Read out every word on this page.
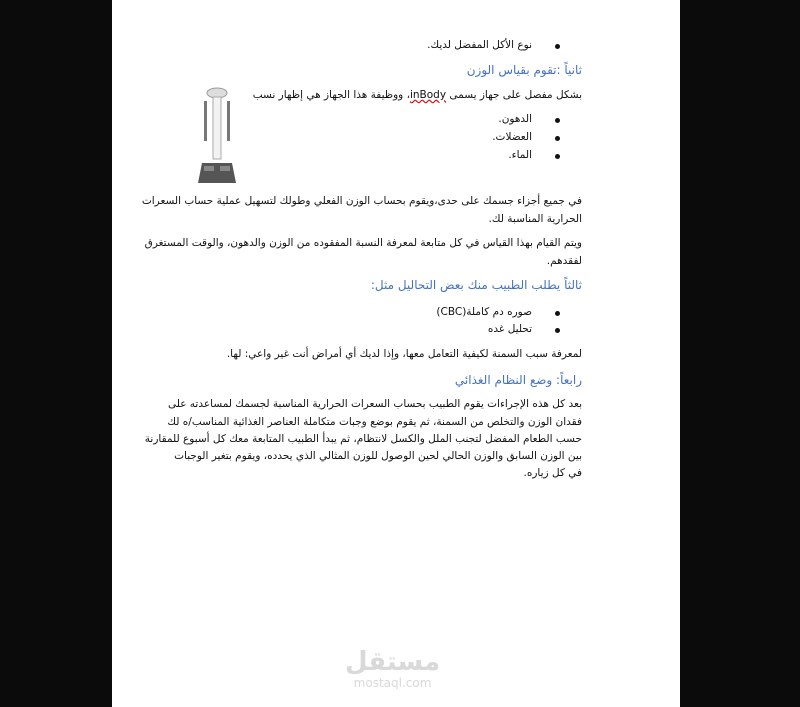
نوع الأكل المفضل لديك.
ثانياً :تقوم بقياس الوزن
بشكل مفصل على جهاز يسمى inBody، ووظيفة هذا الجهاز هي إظهار نسب
الدهون.
العضلات.
الماء.
في جميع أجزاء جسمك على حدى،ويقوم بحساب الوزن الفعلي وطولك لتسهيل عملية حساب السعرات
الحرارية المناسبة لك.
ويتم القيام بهذا القياس في كل متابعة لمعرفة النسبة المفقوده من الوزن والدهون، والوقت المستغرق
لفقدهم.
ثالثاً يطلب الطبيب منك بعض التحاليل مثل:
صوره دم كاملة(CBC)
تحليل غده
لمعرفة سبب السمنة لكيفية التعامل معها، وإذا لديك أي أمراض أنت غير واعي: لها.
رابعاً: وضع النظام الغذائي
بعد كل هذه الإجراءات يقوم الطبيب بحساب السعرات الحرارية المناسبة لجسمك لمساعدته على
فقدان الوزن والتخلص من السمنة، ثم يقوم بوضع وجبات متكاملة العناصر الغذائية المناسب/ه لك
حسب الطعام المفضل لتجنب الملل والكسل لانتظام، ثم يبدأ الطبيب المتابعة معك كل أسبوع للمقارنة
بين الوزن السابق والوزن الحالي لحين الوصول للوزن المثالي الذي يحدده، ويقوم بتغير الوجبات
في كل زياره.
مستقل
mostaql.com
